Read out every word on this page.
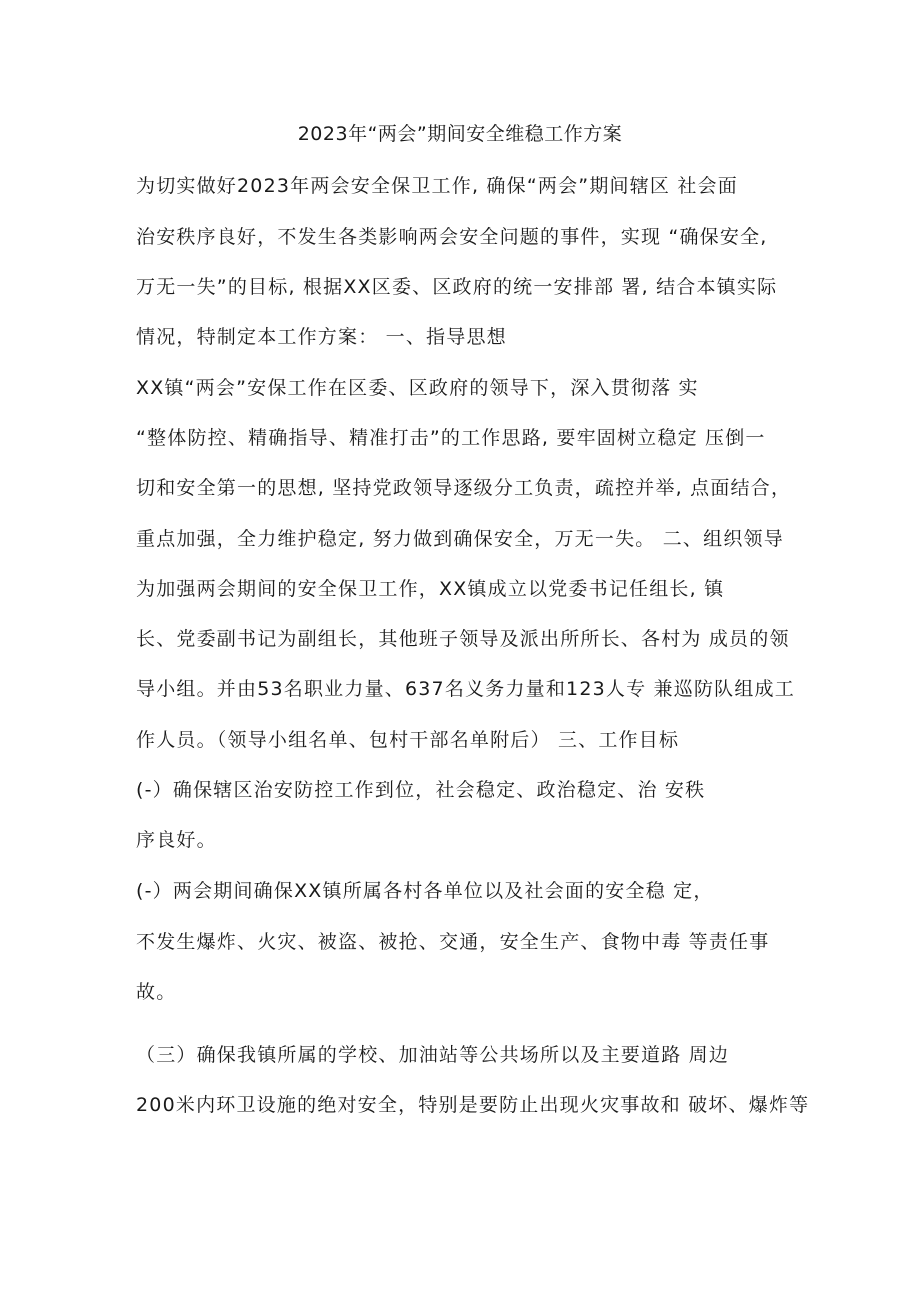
2023年“两会”期间安全维稳工作方案
为切实做好2023年两会安全保卫工作, 确保“两会”期间辖区 社会面
治安秩序良好，不发生各类影响两会安全问题的事件，实现 “确保安全,
万无一失”的目标, 根据XX区委、区政府的统一安排部 署, 结合本镇实际
情况，特制定本工作方案： 一、指导思想
XX镇“两会”安保工作在区委、区政府的领导下，深入贯彻落 实
“整体防控、精确指导、精准打击”的工作思路, 要牢固树立稳定 压倒一
切和安全第一的思想, 坚持党政领导逐级分工负责，疏控并举, 点面结合，
重点加强，全力维护稳定, 努力做到确保安全，万无一失。 二、组织领导
为加强两会期间的安全保卫工作，XX镇成立以党委书记任组长, 镇
长、党委副书记为副组长，其他班子领导及派出所所长、各村为 成员的领
导小组。并由53名职业力量、637名义务力量和123人专 兼巡防队组成工
作人员。（领导小组名单、包村干部名单附后） 三、工作目标
(-）确保辖区治安防控工作到位，社会稳定、政治稳定、治 安秩
序良好。
(-）两会期间确保XX镇所属各村各单位以及社会面的安全稳 定，
不发生爆炸、火灾、被盗、被抢、交通，安全生产、食物中毒 等责任事
故。
（三）确保我镇所属的学校、加油站等公共场所以及主要道路 周边
200米内环卫设施的绝对安全，特别是要防止出现火灾事故和 破坏、爆炸等
